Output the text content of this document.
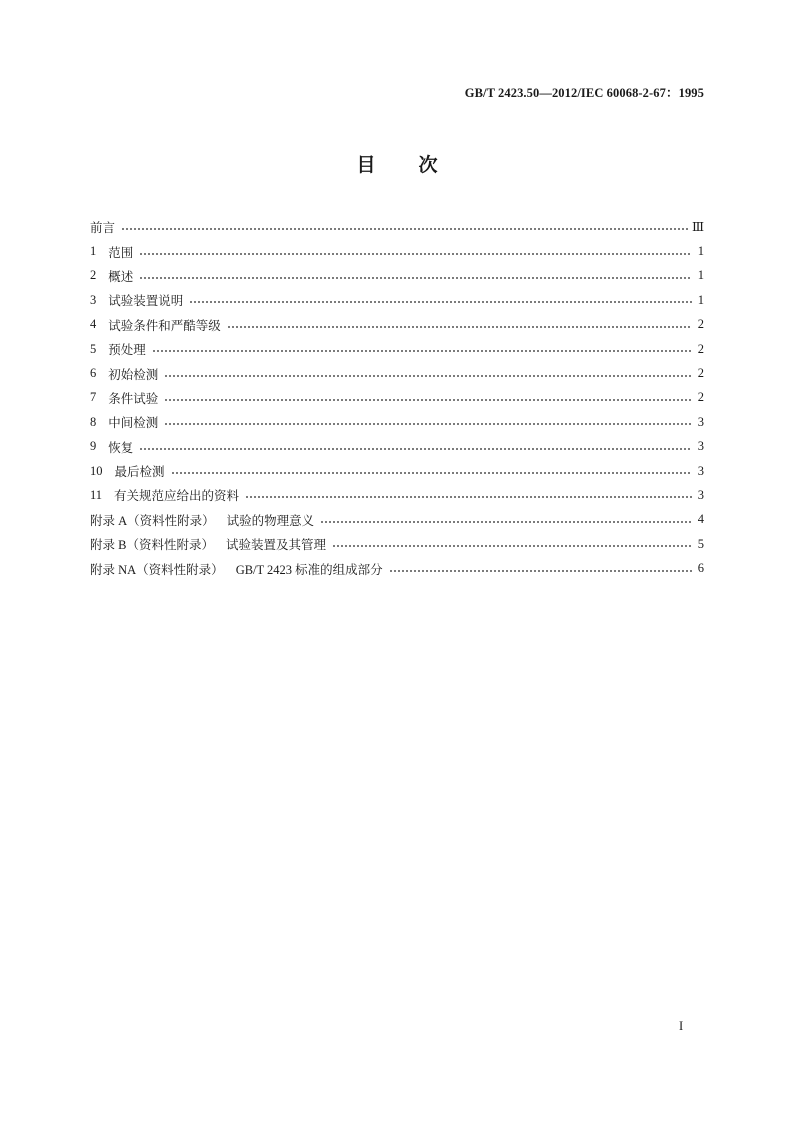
GB/T 2423.50—2012/IEC 60068-2-67：1995
目　次
前言	Ⅲ
1 范围	1
2 概述	1
3 试验装置说明	1
4 试验条件和严酷等级	2
5 预处理	2
6 初始检测	2
7 条件试验	2
8 中间检测	3
9 恢复	3
10 最后检测	3
11 有关规范应给出的资料	3
附录 A（资料性附录） 试验的物理意义	4
附录 B（资料性附录） 试验装置及其管理	5
附录 NA（资料性附录） GB/T 2423 标准的组成部分	6
I
